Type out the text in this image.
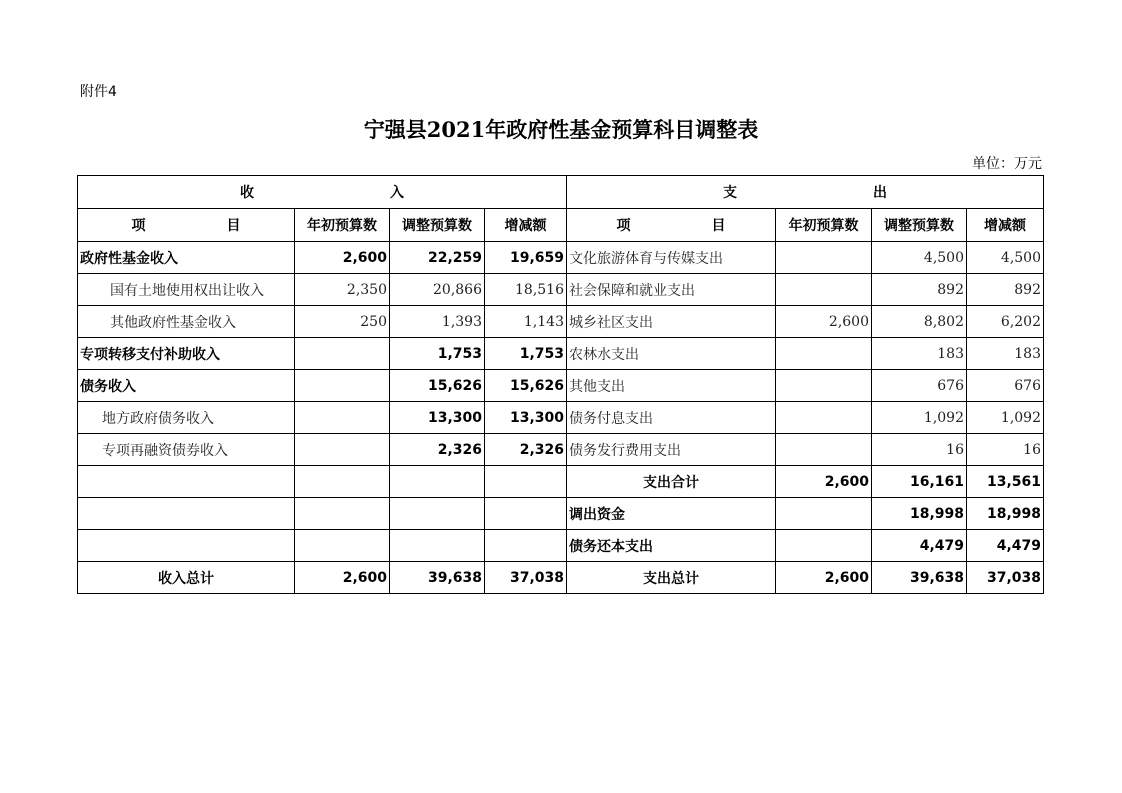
附件4
宁强县2021年政府性基金预算科目调整表
单位：万元
收 入				支 出			
项 目	年初预算数	调整预算数	增减额	项 目	年初预算数	调整预算数	增减额
政府性基金收入	2,600	22,259	19,659	文化旅游体育与传媒支出		4,500	4,500
国有土地使用权出让收入	2,350	20,866	18,516	社会保障和就业支出		892	892
其他政府性基金收入	250	1,393	1,143	城乡社区支出	2,600	8,802	6,202
专项转移支付补助收入		1,753	1,753	农林水支出		183	183
债务收入		15,626	15,626	其他支出		676	676
地方政府债务收入		13,300	13,300	债务付息支出		1,092	1,092
专项再融资债券收入		2,326	2,326	债务发行费用支出		16	16
				支出合计	2,600	16,161	13,561
				调出资金		18,998	18,998
				债务还本支出		4,479	4,479
收入总计	2,600	39,638	37,038	支出总计	2,600	39,638	37,038
